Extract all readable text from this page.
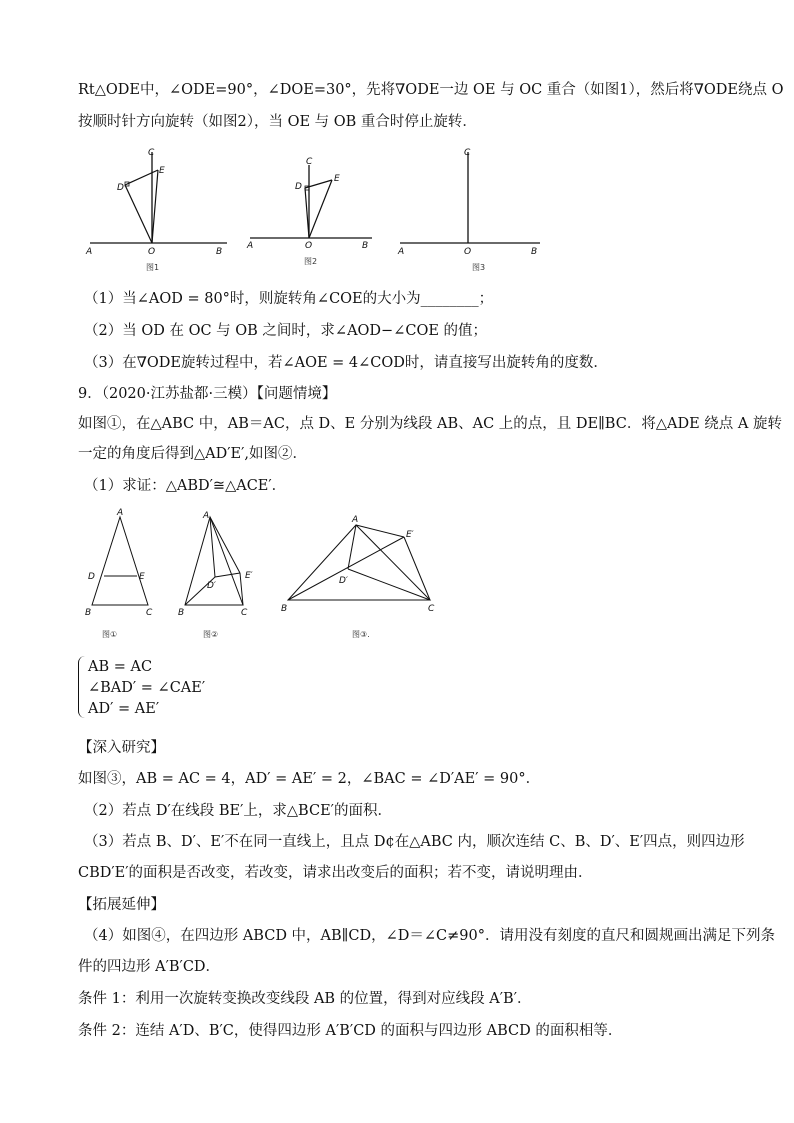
Rt△ODE中，∠ODE=90°，∠DOE=30°，先将∇ODE一边 OE 与 OC 重合（如图1），然后将∇ODE绕点 O
按顺时针方向旋转（如图2），当 OE 与 OB 重合时停止旋转．
A	B
C
D
E
O
图1
A	B
C
D
E
O
图2
A	B
C
O
图3
（1）当∠AOD = 80°时，则旋转角∠COE的大小为________；
（2）当 OD 在 OC 与 OB 之间时，求∠AOD−∠COE 的值；
（3）在∇ODE旋转过程中，若∠AOE = 4∠COD时，请直接写出旋转角的度数．
9．（2020·江苏盐都·三模）【问题情境】
如图①，在△ABC 中，AB＝AC，点 D、E 分别为线段 AB、AC 上的点，且 DE∥BC．将△ADE 绕点 A 旋转
一定的角度后得到△AD′E′,如图②．
（1）求证：△ABD′≅△ACE′．
A
B	C
D	E
图①
A
B	C
D′
E′
图②
A
B	C
D′
E′
图③.
AB = AC
∠BAD′ = ∠CAE′
AD′ = AE′
【深入研究】
如图③，AB = AC = 4，AD′ = AE′ = 2，∠BAC = ∠D′AE′ = 90°．
（2）若点 D′在线段 BE′上，求△BCE′的面积．
（3）若点 B、D′、E′不在同一直线上，且点 D¢在△ABC 内，顺次连结 C、B、D′、E′四点，则四边形
CBD′E′的面积是否改变，若改变，请求出改变后的面积；若不变，请说明理由．
【拓展延伸】
（4）如图④，在四边形 ABCD 中，AB∥CD，∠D＝∠C≠90°．请用没有刻度的直尺和圆规画出满足下列条
件的四边形 A′B′CD．
条件 1：利用一次旋转变换改变线段 AB 的位置，得到对应线段 A′B′．
条件 2：连结 A′D、B′C，使得四边形 A′B′CD 的面积与四边形 ABCD 的面积相等．
